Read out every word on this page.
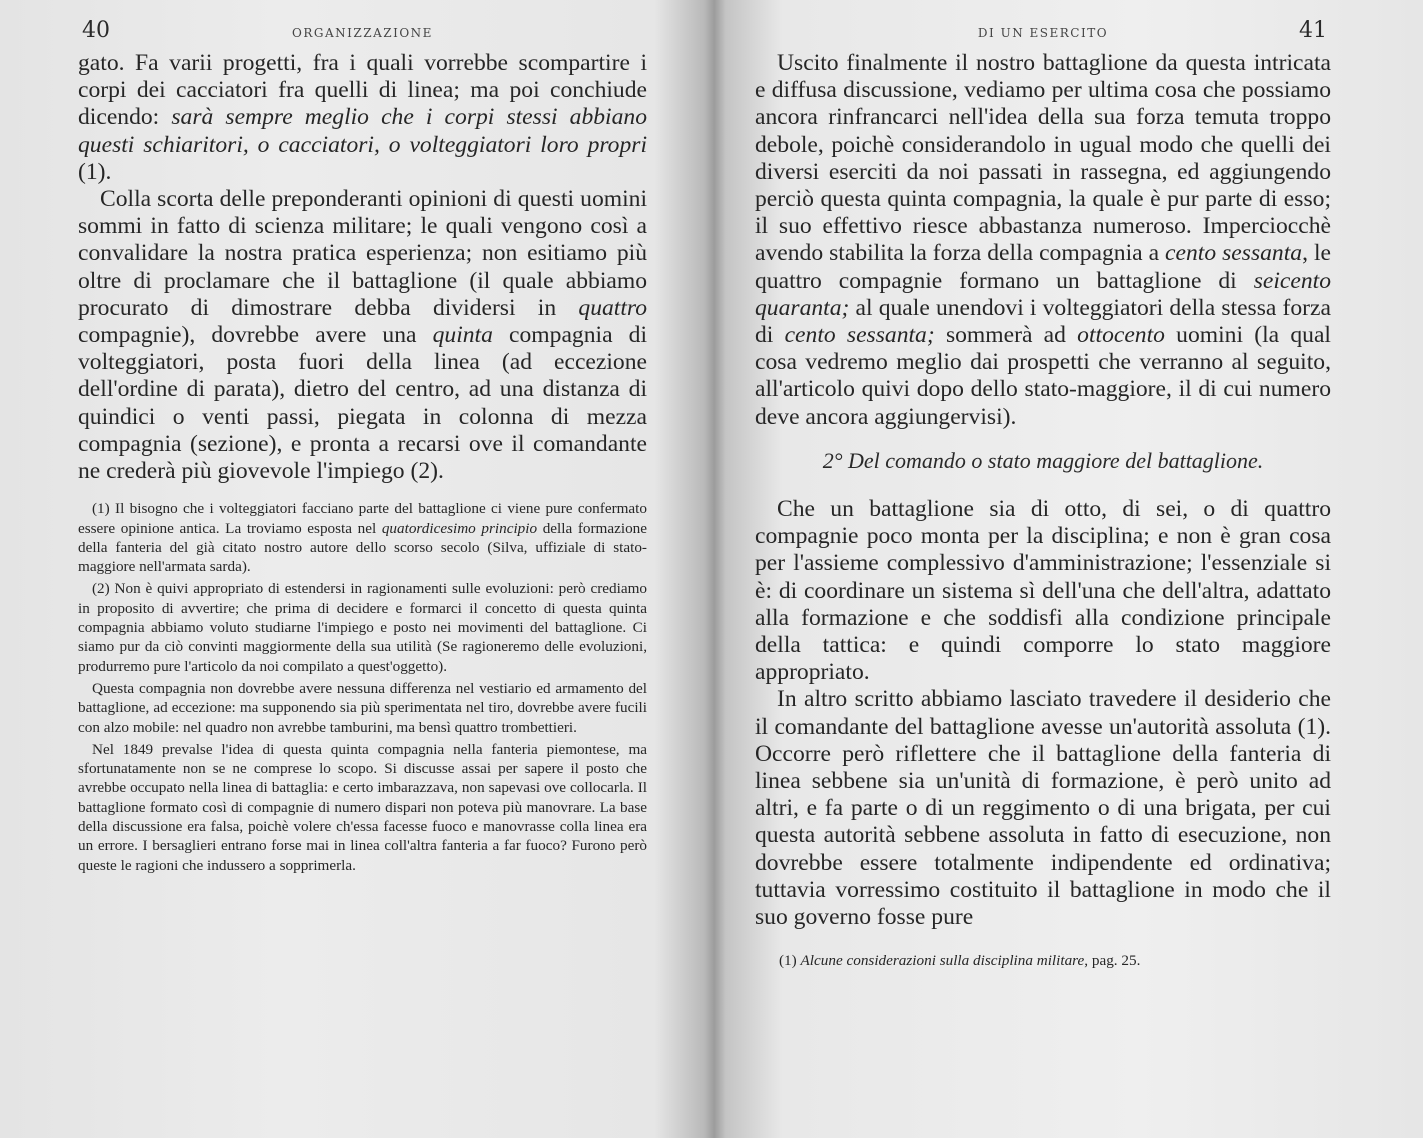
40	ORGANIZZAZIONE

gato. Fa varii progetti, fra i quali vorrebbe scompartire i corpi dei cacciatori fra quelli di linea; ma poi conchiude dicendo: sarà sempre meglio che i corpi stessi abbiano questi schiaritori, o cacciatori, o volteggiatori loro propri (1).

Colla scorta delle preponderanti opinioni di questi uomini sommi in fatto di scienza militare; le quali vengono così a convalidare la nostra pratica esperienza; non esitiamo più oltre di proclamare che il battaglione (il quale abbiamo procurato di dimostrare debba dividersi in quattro compagnie), dovrebbe avere una quinta compagnia di volteggiatori, posta fuori della linea (ad eccezione dell'ordine di parata), dietro del centro, ad una distanza di quindici o venti passi, piegata in colonna di mezza compagnia (sezione), e pronta a recarsi ove il comandante ne crederà più giovevole l'impiego (2).

(1) Il bisogno che i volteggiatori facciano parte del battaglione ci viene pure confermato essere opinione antica. La troviamo esposta nel quatordicesimo principio della formazione della fanteria del già citato nostro autore dello scorso secolo (Silva, uffiziale di stato-maggiore nell'armata sarda).

(2) Non è quivi appropriato di estendersi in ragionamenti sulle evoluzioni: però crediamo in proposito di avvertire; che prima di decidere e formarci il concetto di questa quinta compagnia abbiamo voluto studiarne l'impiego e posto nei movimenti del battaglione. Ci siamo pur da ciò convinti maggiormente della sua utilità (Se ragioneremo delle evoluzioni, produrremo pure l'articolo da noi compilato a quest'oggetto).

Questa compagnia non dovrebbe avere nessuna differenza nel vestiario ed armamento del battaglione, ad eccezione: ma supponendo sia più sperimentata nel tiro, dovrebbe avere fucili con alzo mobile: nel quadro non avrebbe tamburini, ma bensì quattro trombettieri.

Nel 1849 prevalse l'idea di questa quinta compagnia nella fanteria piemontese, ma sfortunatamente non se ne comprese lo scopo. Si discusse assai per sapere il posto che avrebbe occupato nella linea di battaglia: e certo imbarazzava, non sapevasi ove collocarla. Il battaglione formato così di compagnie di numero dispari non poteva più manovrare. La base della discussione era falsa, poichè volere ch'essa facesse fuoco e manovrasse colla linea era un errore. I bersaglieri entrano forse mai in linea coll'altra fanteria a far fuoco? Furono però queste le ragioni che indussero a sopprimerla.

DI UN ESERCITO	41

Uscito finalmente il nostro battaglione da questa intricata e diffusa discussione, vediamo per ultima cosa che possiamo ancora rinfrancarci nell'idea della sua forza temuta troppo debole, poichè considerandolo in ugual modo che quelli dei diversi eserciti da noi passati in rassegna, ed aggiungendo perciò questa quinta compagnia, la quale è pur parte di esso; il suo effettivo riesce abbastanza numeroso. Imperciocchè avendo stabilita la forza della compagnia a cento sessanta, le quattro compagnie formano un battaglione di seicento quaranta; al quale unendovi i volteggiatori della stessa forza di cento sessanta; sommerà ad ottocento uomini (la qual cosa vedremo meglio dai prospetti che verranno al seguito, all'articolo quivi dopo dello stato-maggiore, il di cui numero deve ancora aggiungervisi).

2° Del comando o stato maggiore del battaglione.

Che un battaglione sia di otto, di sei, o di quattro compagnie poco monta per la disciplina; e non è gran cosa per l'assieme complessivo d'amministrazione; l'essenziale si è: di coordinare un sistema sì dell'una che dell'altra, adattato alla formazione e che soddisfi alla condizione principale della tattica: e quindi comporre lo stato maggiore appropriato.

In altro scritto abbiamo lasciato travedere il desiderio che il comandante del battaglione avesse un'autorità assoluta (1). Occorre però riflettere che il battaglione della fanteria di linea sebbene sia un'unità di formazione, è però unito ad altri, e fa parte o di un reggimento o di una brigata, per cui questa autorità sebbene assoluta in fatto di esecuzione, non dovrebbe essere totalmente indipendente ed ordinativa; tuttavia vorressimo costituito il battaglione in modo che il suo governo fosse pure

(1) Alcune considerazioni sulla disciplina militare, pag. 25.
